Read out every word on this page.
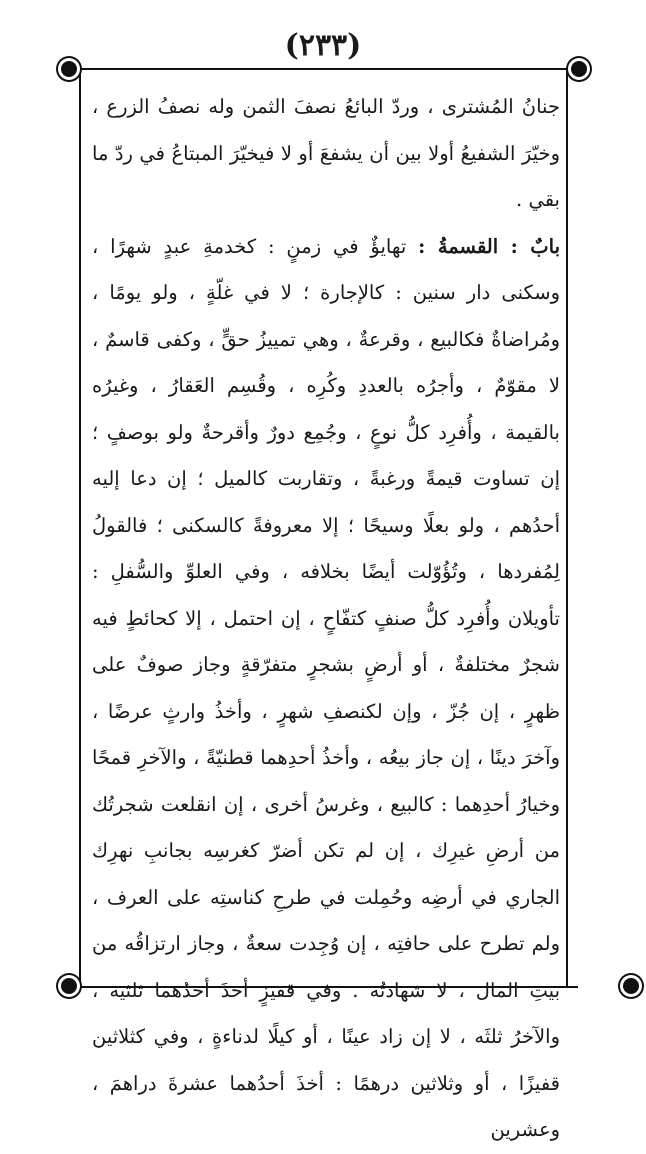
(٢٣٣)

جنانُ المُشترى ، وردّ البائعُ نصفَ الثمن وله نصفُ الزرع ، وخيّرَ الشفيعُ أولا بين أن يشفعَ أو لا فيخيّرَ المبتاعُ في ردّ ما بقي .

بابٌ : القسمةُ : تهايؤٌ في زمنٍ : كخدمةِ عبدٍ شهرًا ، وسكنى دار سنين : كالإجارة ؛ لا في غلّةٍ ، ولو يومًا ، ومُراضاةٌ فكالبيع ، وقرعةٌ ، وهي تمييزُ حقٍّ ، وكفى قاسمٌ ، لا مقوّمٌ ، وأجرُه بالعددِ وكُرِه ، وقُسِم العَقارُ ، وغيرُه بالقيمة ، وأُفرِد كلُّ نوعٍ ، وجُمِع دورٌ وأقرحةٌ ولو بوصفٍ ؛ إن تساوت قيمةً ورغبةً ، وتقاربت كالميل ؛ إن دعا إليه أحدُهم ، ولو بعلًا وسيحًا ؛ إلا معروفةً كالسكنى ؛ فالقولُ لِمُفردها ، وتُؤُوّلت أيضًا بخلافه ، وفي العلوِّ والسُّفلِ : تأويلان وأُفرِد كلُّ صنفٍ كتفّاحٍ ، إن احتمل ، إلا كحائطٍ فيه شجرٌ مختلفةٌ ، أو أرضٍ بشجرٍ متفرّقةٍ وجاز صوفٌ على ظهرٍ ، إن جُزّ ، وإن لكنصفِ شهرٍ ، وأخذُ وارثٍ عرضًا ، وآخرَ دينًا ، إن جاز بيعُه ، وأخذُ أحدِهما قطنيّةً ، والآخرِ قمحًا وخيارُ أحدِهما : كالبيع ، وغرسُ أخرى ، إن انقلعت شجرتُك من أرضِ غيرِك ، إن لم تكن أضرّ كغرسِه بجانبِ نهرِك الجاري في أرضِه وحُمِلت في طرحِ كناستِه على العرف ، ولم تطرح على حافتِه ، إن وُجِدت سعةٌ ، وجاز ارتزاقُه من بيتِ المال ، لا شهادتُه . وفي قفيزٍ أخذَ أحدُهما ثلثيه ، والآخرُ ثلثَه ، لا إن زاد عينًا ، أو كيلًا لدناءةٍ ، وفي كثلاثين قفيزًا ، أو وثلاثين درهمًا : أخذَ أحدُهما عشرةَ دراهمَ ، وعشرين
